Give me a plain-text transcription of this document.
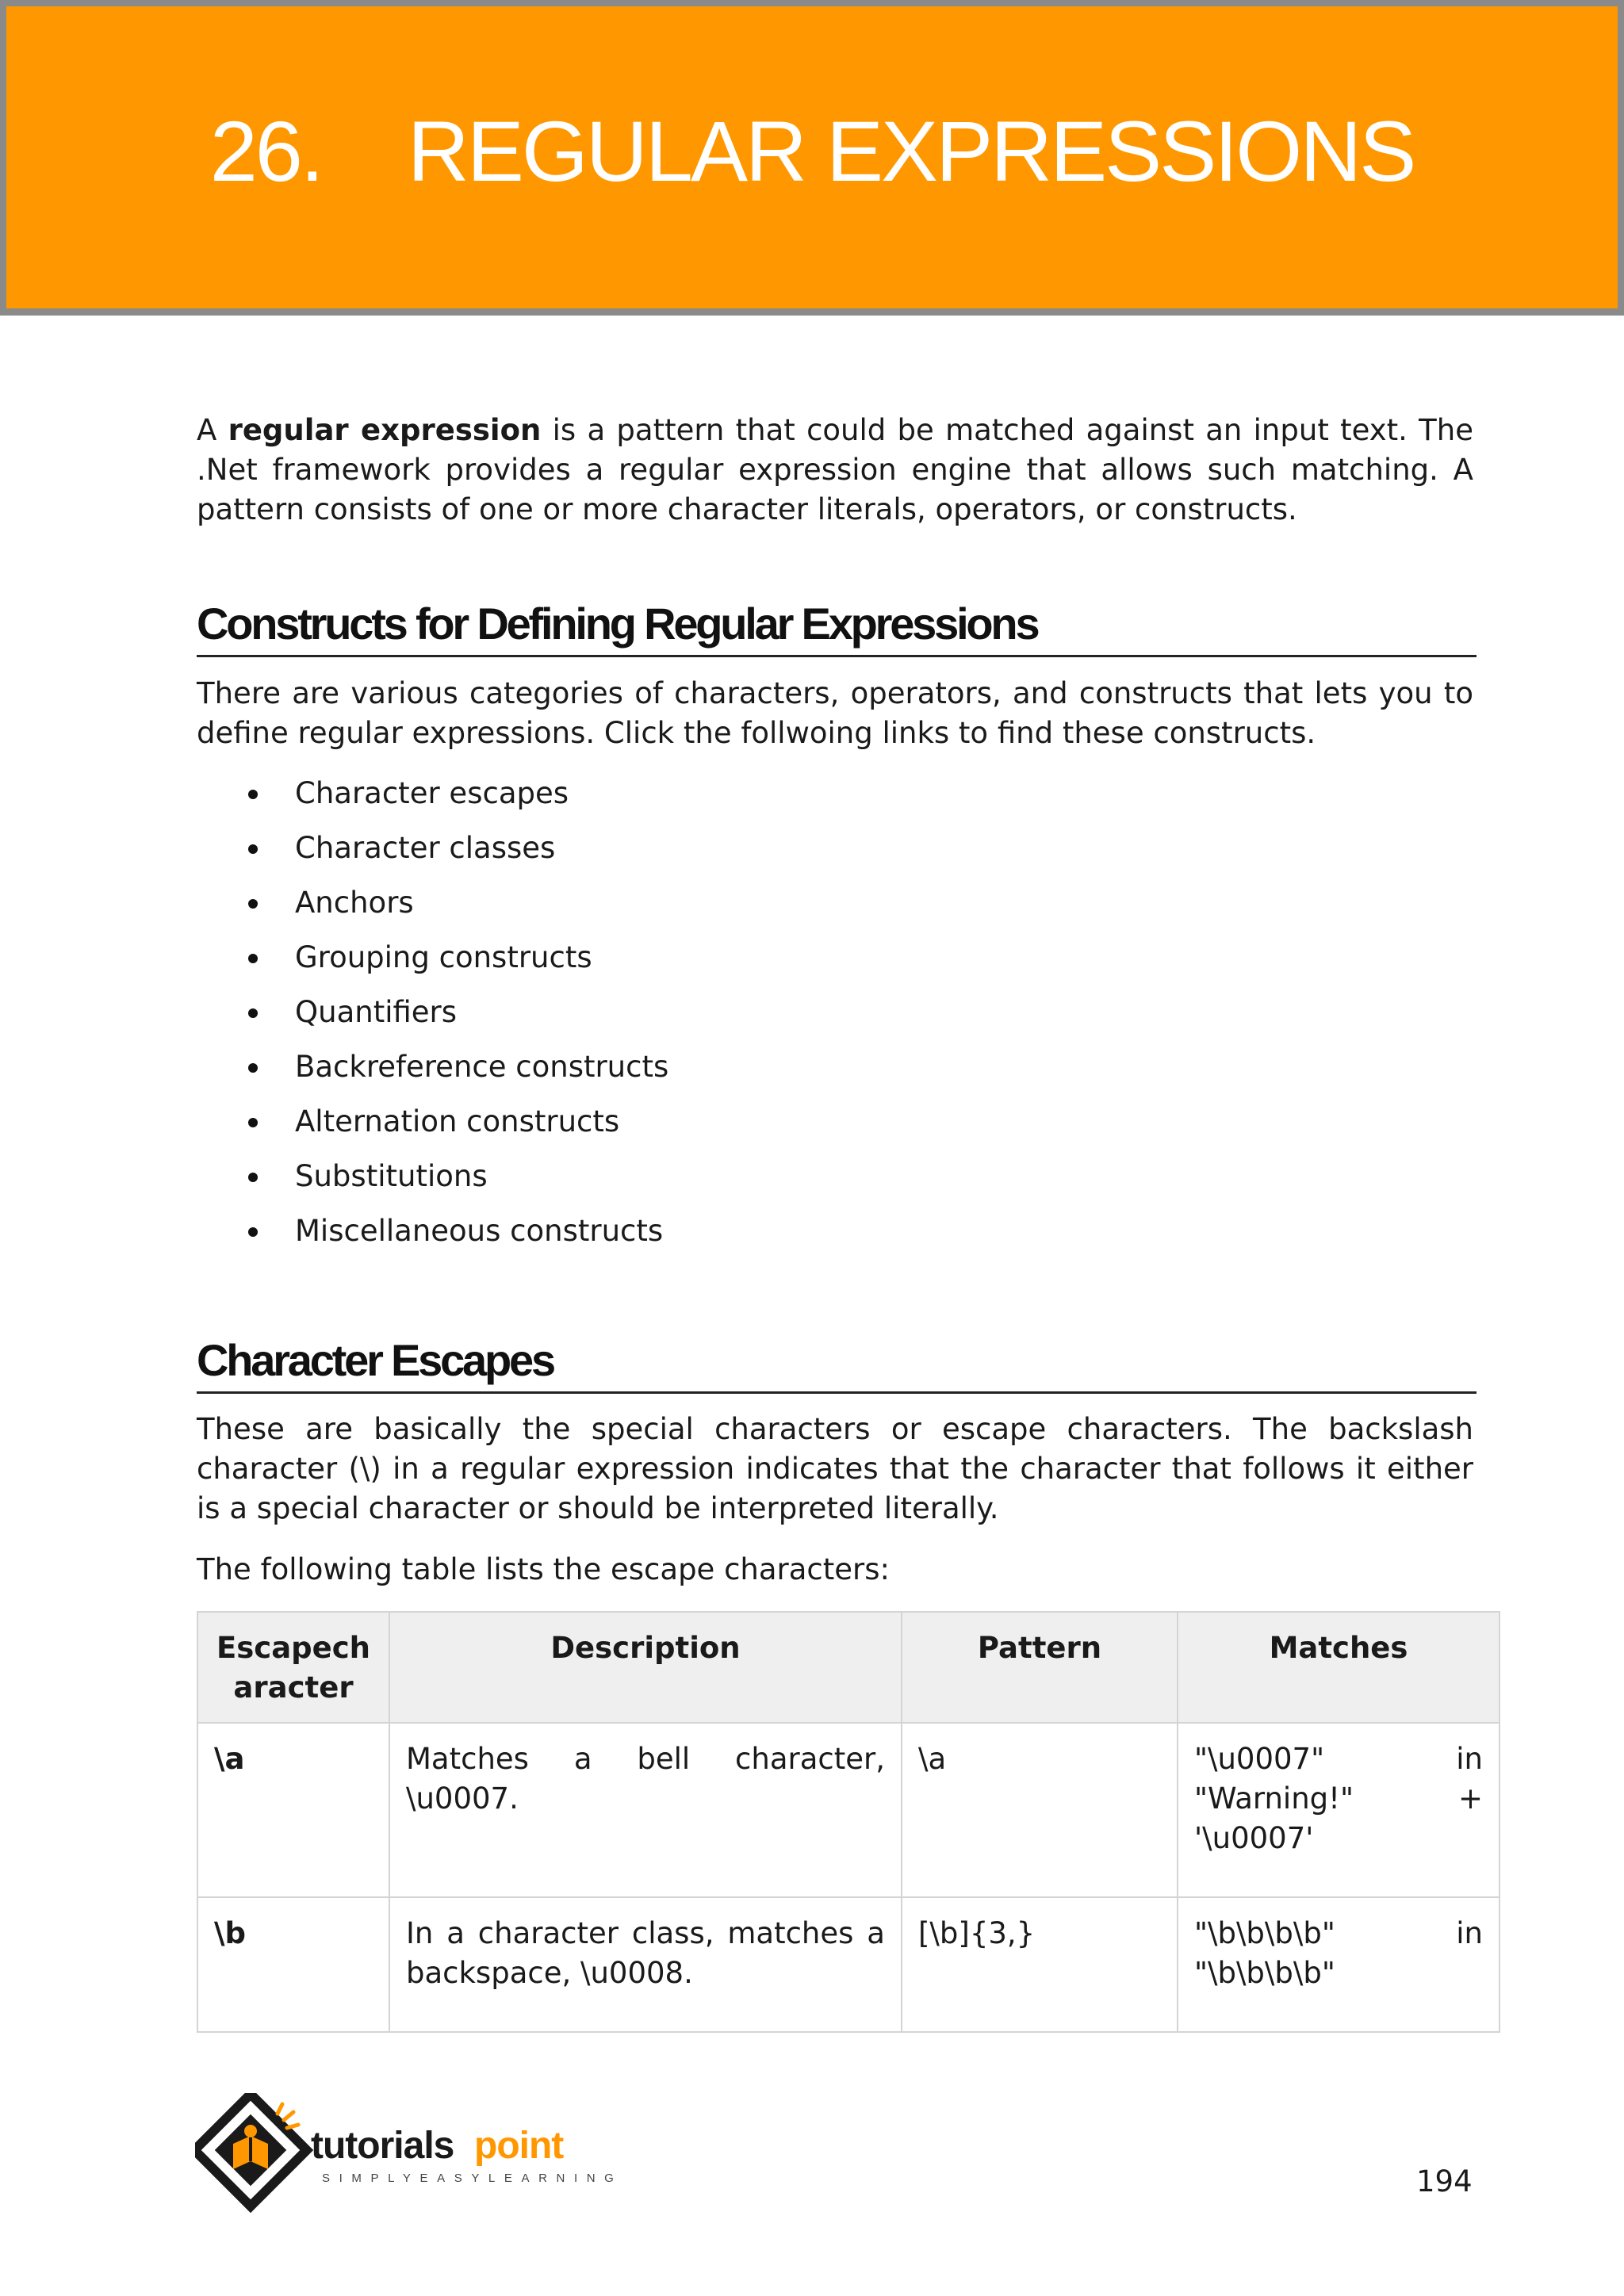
26. REGULAR EXPRESSIONS

A regular expression is a pattern that could be matched against an input text. The .Net framework provides a regular expression engine that allows such matching. A pattern consists of one or more character literals, operators, or constructs.

Constructs for Defining Regular Expressions

There are various categories of characters, operators, and constructs that lets you to define regular expressions. Click the follwoing links to find these constructs.

Character escapes
Character classes
Anchors
Grouping constructs
Quantifiers
Backreference constructs
Alternation constructs
Substitutions
Miscellaneous constructs
Character Escapes

These are basically the special characters or escape characters. The backslash character (\) in a regular expression indicates that the character that follows it either is a special character or should be interpreted literally.

The following table lists the escape characters:

Escapech aracter	Description	Pattern	Matches
\a	Matches a bell character, \u0007.	\a	"\u0007" in
"Warning!" +
'\u0007'

\b	In a character class, matches a backspace, \u0008.	[\b]{3,}	"\b\b\b\b" in
"\b\b\b\b"
tutorials point
SIMPLYEASYLEARNING	194
